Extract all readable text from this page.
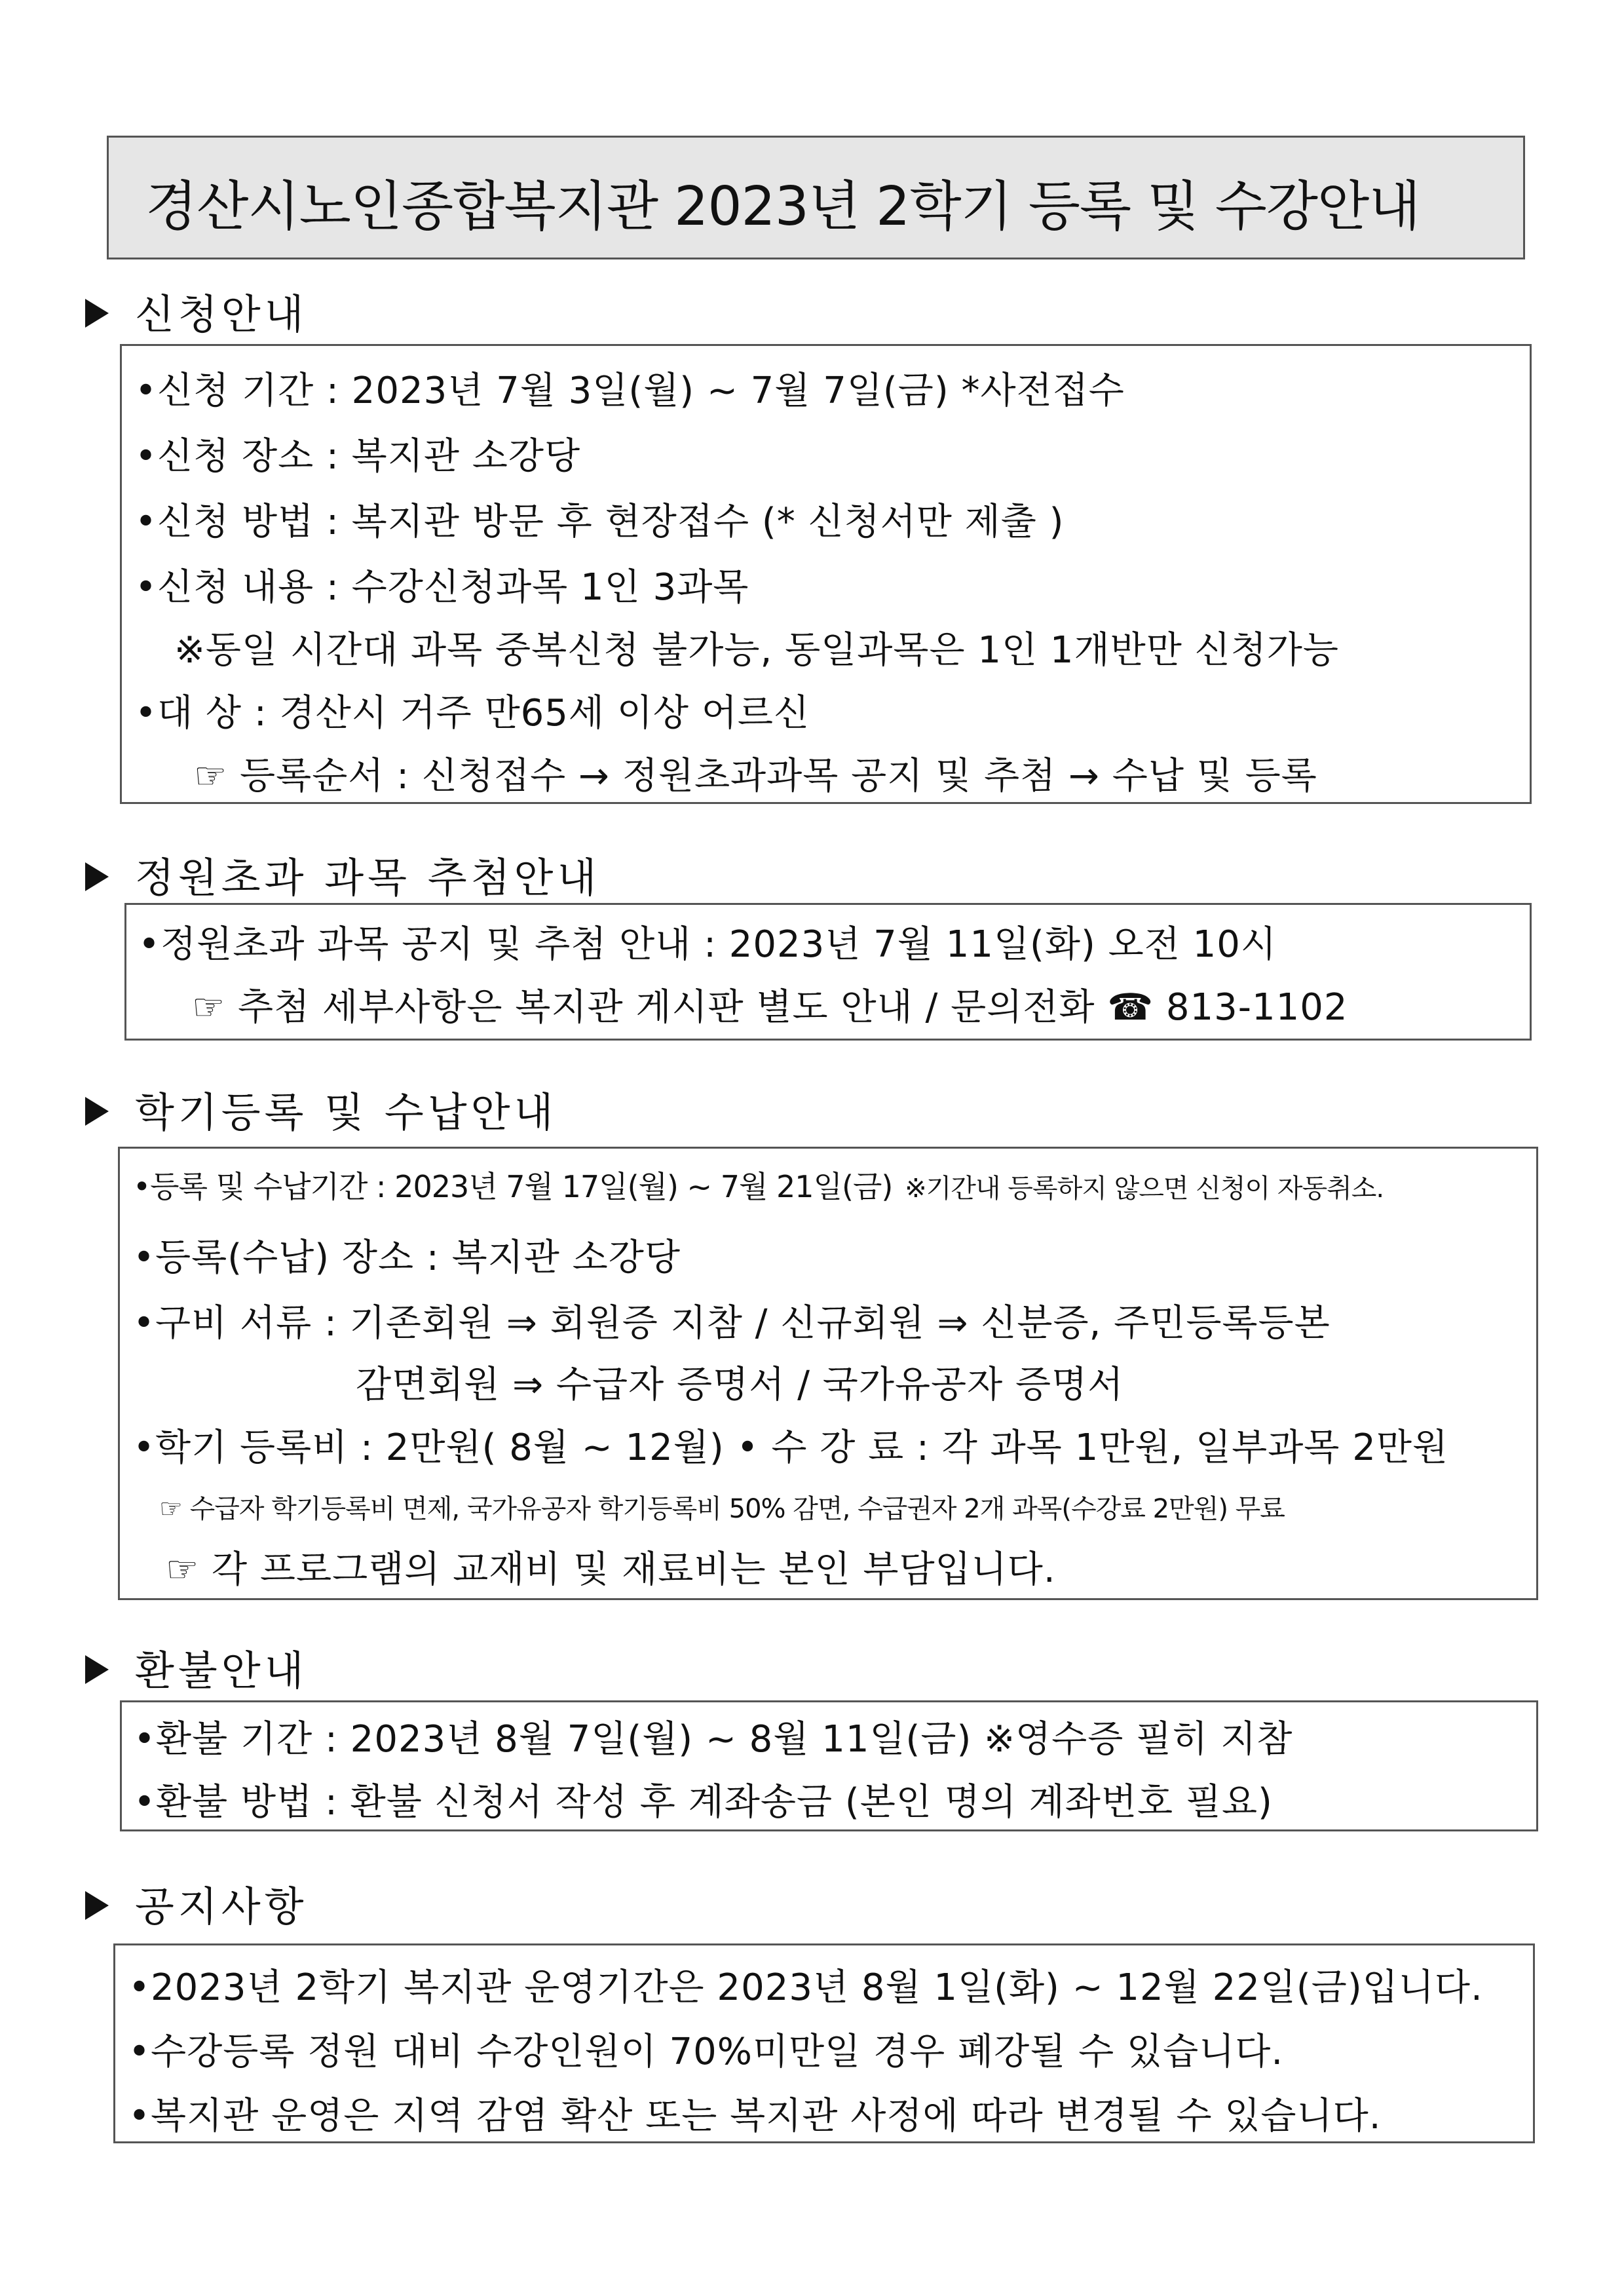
경산시노인종합복지관 2023년 2학기 등록 및 수강안내
신청안내
•신청 기간 : 2023년 7월 3일(월) ~ 7월 7일(금) *사전접수
•신청 장소 : 복지관 소강당
•신청 방법 : 복지관 방문 후 현장접수 (* 신청서만 제출 )
•신청 내용 : 수강신청과목 1인 3과목
※동일 시간대 과목 중복신청 불가능, 동일과목은 1인 1개반만 신청가능
•대 상 : 경산시 거주 만65세 이상 어르신
☞ 등록순서 : 신청접수 → 정원초과과목 공지 및 추첨 → 수납 및 등록
정원초과 과목 추첨안내
•정원초과 과목 공지 및 추첨 안내 : 2023년 7월 11일(화) 오전 10시
☞ 추첨 세부사항은 복지관 게시판 별도 안내 / 문의전화 ☎ 813-1102
학기등록 및 수납안내
•등록 및 수납기간 : 2023년 7월 17일(월) ~ 7월 21일(금) ※기간내 등록하지 않으면 신청이 자동취소.
•등록(수납) 장소 : 복지관 소강당
•구비 서류 : 기존회원 ⇒ 회원증 지참 / 신규회원 ⇒ 신분증, 주민등록등본
감면회원 ⇒ 수급자 증명서 / 국가유공자 증명서
•학기 등록비 : 2만원( 8월 ~ 12월) • 수 강 료 : 각 과목 1만원, 일부과목 2만원
☞ 수급자 학기등록비 면제, 국가유공자 학기등록비 50% 감면, 수급권자 2개 과목(수강료 2만원) 무료
☞ 각 프로그램의 교재비 및 재료비는 본인 부담입니다.
환불안내
•환불 기간 : 2023년 8월 7일(월) ~ 8월 11일(금) ※영수증 필히 지참
•환불 방법 : 환불 신청서 작성 후 계좌송금 (본인 명의 계좌번호 필요)
공지사항
•2023년 2학기 복지관 운영기간은 2023년 8월 1일(화) ~ 12월 22일(금)입니다.
•수강등록 정원 대비 수강인원이 70%미만일 경우 폐강될 수 있습니다.
•복지관 운영은 지역 감염 확산 또는 복지관 사정에 따라 변경될 수 있습니다.
